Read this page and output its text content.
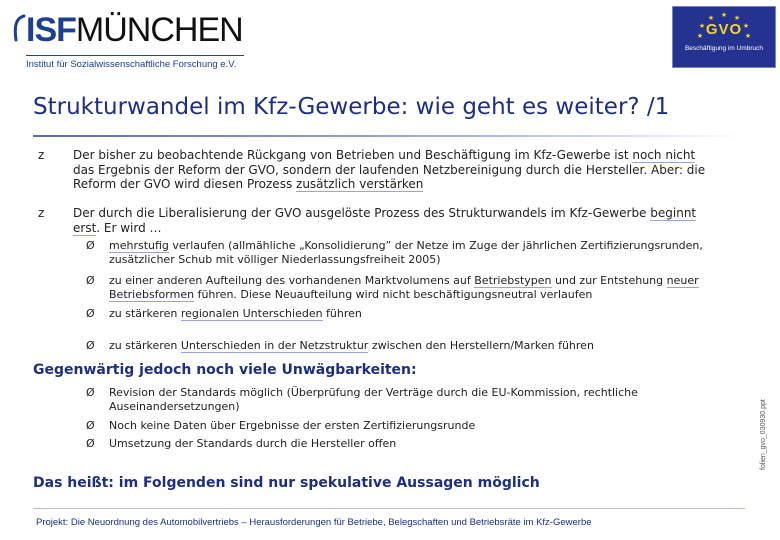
ISFMÜNCHEN
Institut für Sozialwissenschaftliche Forschung e.V.
★ ★
★
★
★
★
★ GVO
Beschäftigung im Umbruch
Strukturwandel im Kfz-Gewerbe: wie geht es weiter? /1
z Der bisher zu beobachtende Rückgang von Betrieben und Beschäftigung im Kfz-Gewerbe ist noch nicht das Ergebnis der Reform der GVO, sondern der laufenden Netzbereinigung durch die Hersteller. Aber: die Reform der GVO wird diesen Prozess zusätzlich verstärken
z Der durch die Liberalisierung der GVO ausgelöste Prozess des Strukturwandels im Kfz-Gewerbe beginnt erst. Er wird …
Ø mehrstufig verlaufen (allmähliche „Konsolidierung” der Netze im Zuge der jährlichen Zertifizierungsrunden, zusätzlicher Schub mit völliger Niederlassungsfreiheit 2005)
Ø zu einer anderen Aufteilung des vorhandenen Marktvolumens auf Betriebstypen und zur Entstehung neuer Betriebsformen führen. Diese Neuaufteilung wird nicht beschäftigungsneutral verlaufen
Ø zu stärkeren regionalen Unterschieden führen
Ø zu stärkeren Unterschieden in der Netzstruktur zwischen den Herstellern/Marken führen
Gegenwärtig jedoch noch viele Unwägbarkeiten:
Ø Revision der Standards möglich (Überprüfung der Verträge durch die EU-Kommission, rechtliche Auseinandersetzungen)
Ø Noch keine Daten über Ergebnisse der ersten Zertifizierungsrunde
Ø Umsetzung der Standards durch die Hersteller offen
Das heißt: im Folgenden sind nur spekulative Aussagen möglich
Projekt: Die Neuordnung des Automobilvertriebs – Herausforderungen für Betriebe, Belegschaften und Betriebsräte im Kfz-Gewerbe
folien_gvo_030930.ppt
